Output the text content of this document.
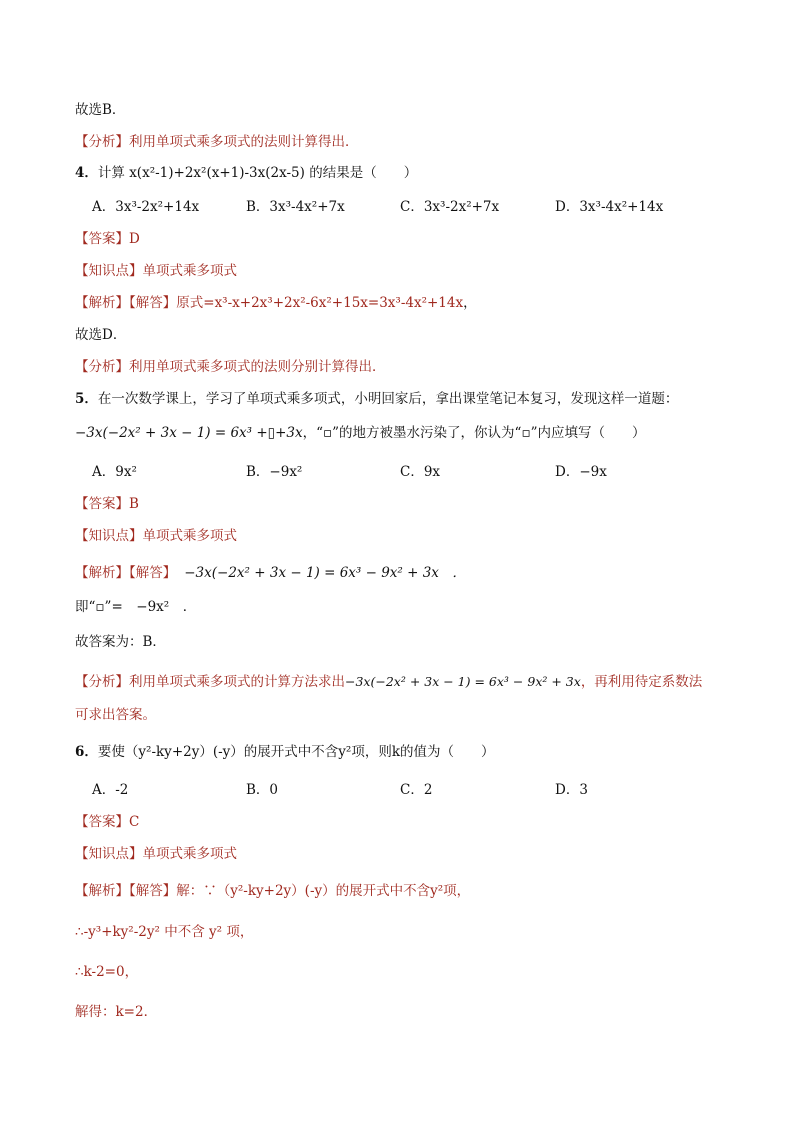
故选B．
【分析】利用单项式乘多项式的法则计算得出．
4．计算 x(x²-1)+2x²(x+1)-3x(2x-5) 的结果是（　　）
A．3x³-2x²+14x	B．3x³-4x²+7x	C．3x³-2x²+7x	D．3x³-4x²+14x
【答案】D
【知识点】单项式乘多项式
【解析】【解答】原式=x³-x+2x³+2x²-6x²+15x=3x³-4x²+14x，
故选D．
【分析】利用单项式乘多项式的法则分别计算得出．
5．在一次数学课上，学习了单项式乘多项式，小明回家后，拿出课堂笔记本复习，发现这样一道题：
−3x(−2x² + 3x − 1) = 6x³ +▯+3x，“▫”的地方被墨水污染了，你认为“▫”内应填写（　　）
A．9x²	B．−9x²	C．9x	D．−9x
【答案】B
【知识点】单项式乘多项式
【解析】【解答】 −3x(−2x² + 3x − 1) = 6x³ − 9x² + 3x　．
即“▫”=　−9x²　．
故答案为：B．
【分析】利用单项式乘多项式的计算方法求出−3x(−2x² + 3x − 1) = 6x³ − 9x² + 3x，再利用待定系数法
可求出答案。
6．要使（y²-ky+2y）(-y）的展开式中不含y²项，则k的值为（　　）
A．-2	B．0	C．2	D．3
【答案】C
【知识点】单项式乘多项式
【解析】【解答】解：∵（y²-ky+2y）(-y）的展开式中不含y²项，
∴-y³+ky²-2y² 中不含 y² 项，
∴k-2=0，
解得：k=2．
